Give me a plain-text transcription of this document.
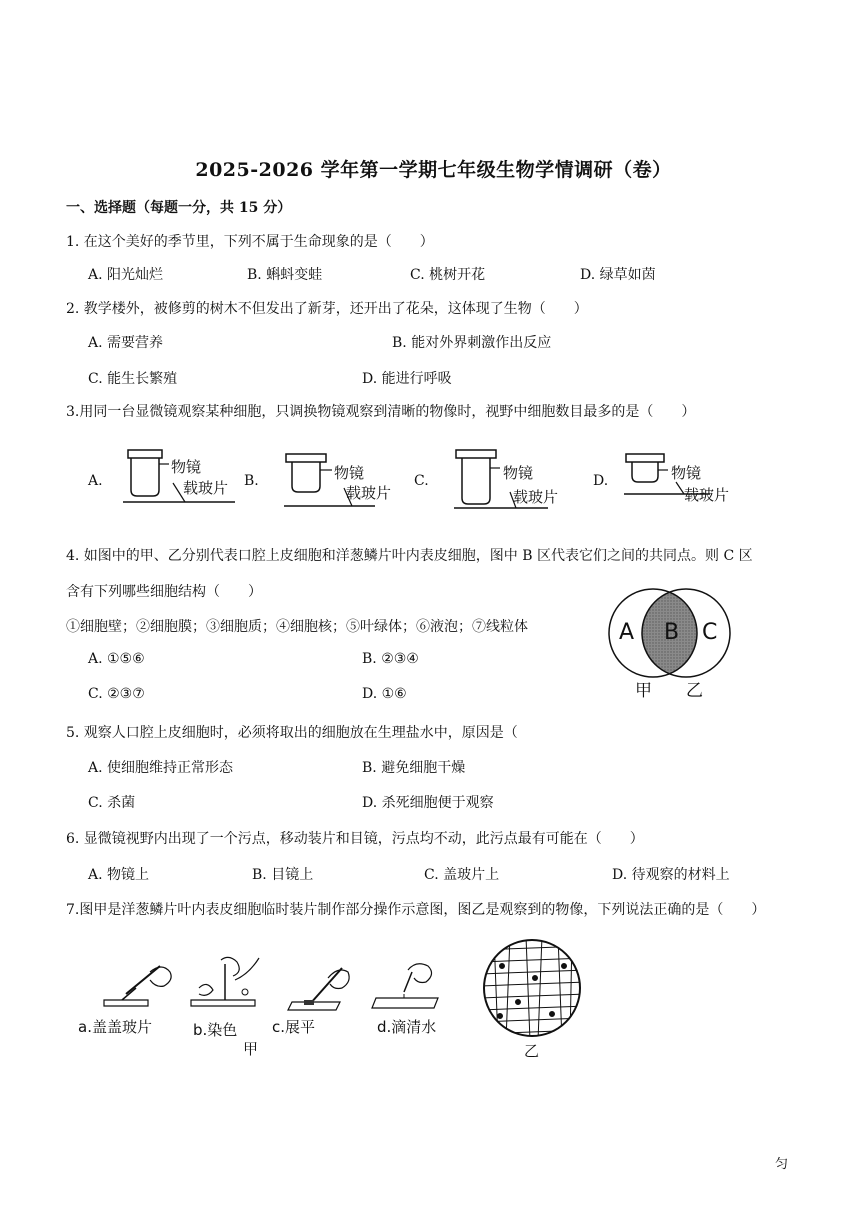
2025-2026 学年第一学期七年级生物学情调研（卷）
一、选择题（每题一分，共 15 分）
1. 在这个美好的季节里，下列不属于生命现象的是（　　）
A. 阳光灿烂	B. 蝌蚪变蛙	C. 桃树开花	D. 绿草如茵
2. 教学楼外，被修剪的树木不但发出了新芽，还开出了花朵，这体现了生物（　　）
A. 需要营养	B. 能对外界刺激作出反应
C. 能生长繁殖	D. 能进行呼吸
3.用同一台显微镜观察某种细胞，只调换物镜观察到清晰的物像时，视野中细胞数目最多的是（　　）
A.
物镜
载玻片 B.	物镜
载玻片
C.	物镜
载玻片
D.	物镜
载玻片
4. 如图中的甲、乙分别代表口腔上皮细胞和洋葱鳞片叶内表皮细胞，图中 B 区代表它们之间的共同点。则 C 区
含有下列哪些细胞结构（　　）
①细胞壁；②细胞膜；③细胞质；④细胞核；⑤叶绿体；⑥液泡；⑦线粒体
A. ①⑤⑥	B. ②③④
C. ②③⑦	D. ①⑥
A B C
甲 乙
5. 观察人口腔上皮细胞时，必须将取出的细胞放在生理盐水中，原因是（
A. 使细胞维持正常形态	B. 避免细胞干燥
C. 杀菌	D. 杀死细胞便于观察
6. 显微镜视野内出现了一个污点，移动装片和目镜，污点均不动，此污点最有可能在（　　）
A. 物镜上	B. 目镜上	C. 盖玻片上	D. 待观察的材料上
7.图甲是洋葱鳞片叶内表皮细胞临时装片制作部分操作示意图，图乙是观察到的物像，下列说法正确的是（　　）
a.盖盖玻片	b.染色
甲
c.展平	d.滴清水
乙
匀
